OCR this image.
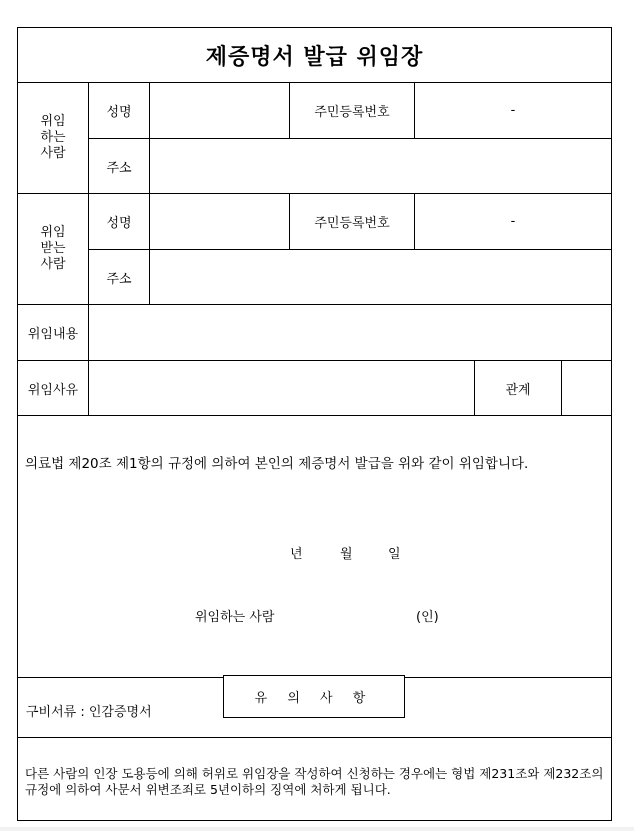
제증명서 발급 위임장
위임
하는
사람
성명	주민등록번호	-
주소
위임
받는
사람
성명	주민등록번호	-
주소
위임내용
위임사유	관계
의료법 제20조 제1항의 규정에 의하여 본인의 제증명서 발급을 위와 같이 위임합니다.
년	월	일
위임하는 사람	(인)
구비서류 : 인감증명서
유 의 사 항
다른 사람의 인장 도용등에 의해 허위로 위임장을 작성하여 신청하는 경우에는 형법 제231조와 제232조의 규정에 의하여 사문서 위변조죄로 5년이하의 징역에 처하게 됩니다.
